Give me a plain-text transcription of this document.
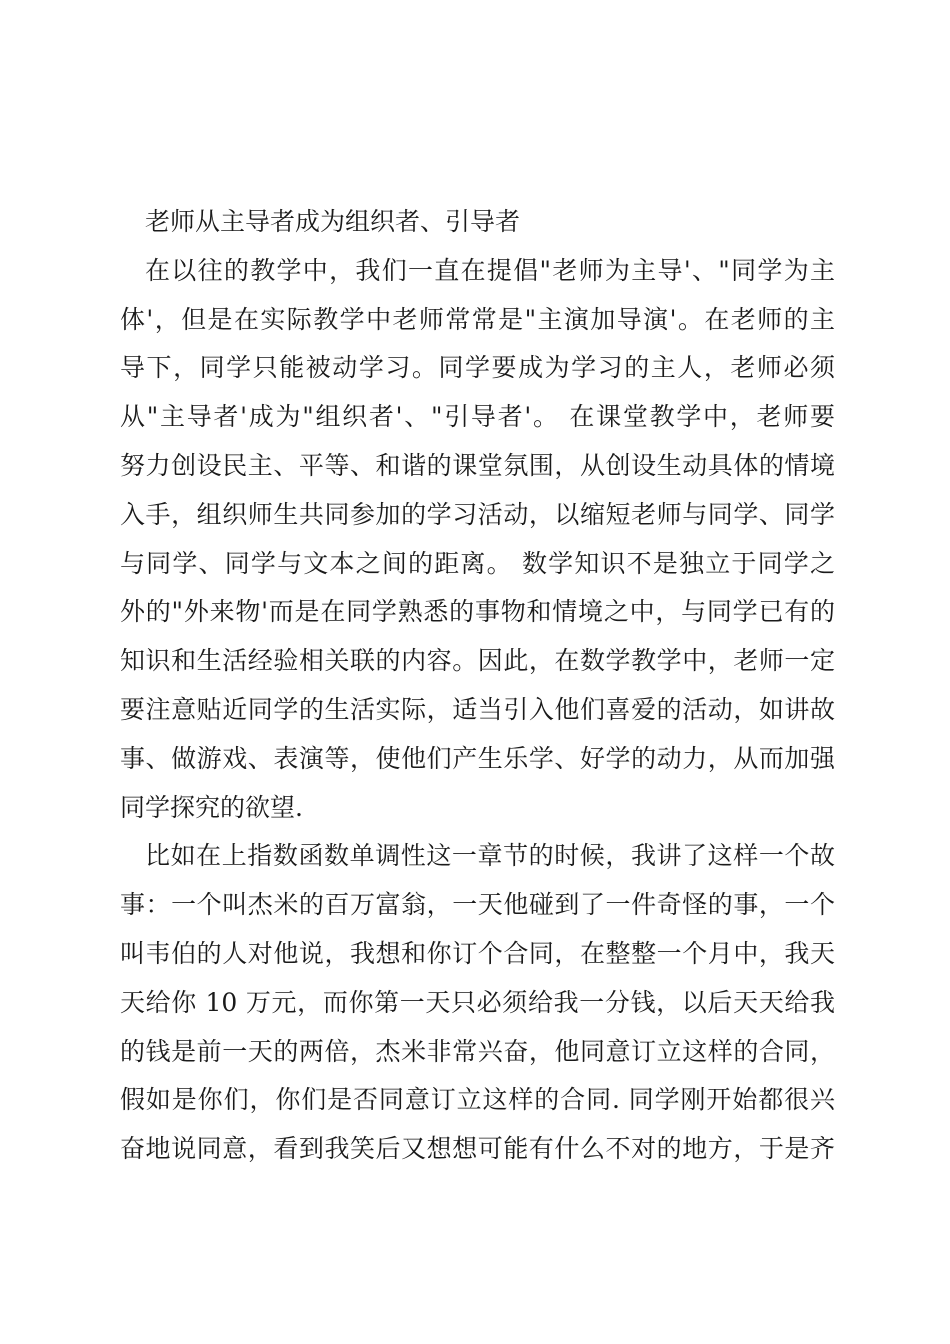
老师从主导者成为组织者、引导者
在以往的教学中，我们一直在提倡"老师为主导'、"同学为主
体'，但是在实际教学中老师常常是"主演加导演'。在老师的主
导下，同学只能被动学习。同学要成为学习的主人，老师必须
从"主导者'成为"组织者'、"引导者'。 在课堂教学中，老师要
努力创设民主、平等、和谐的课堂氛围，从创设生动具体的情境
入手，组织师生共同参加的学习活动，以缩短老师与同学、同学
与同学、同学与文本之间的距离。 数学知识不是独立于同学之
外的"外来物'而是在同学熟悉的事物和情境之中，与同学已有的
知识和生活经验相关联的内容。因此，在数学教学中，老师一定
要注意贴近同学的生活实际，适当引入他们喜爱的活动，如讲故
事、做游戏、表演等，使他们产生乐学、好学的动力，从而加强
同学探究的欲望.
比如在上指数函数单调性这一章节的时候，我讲了这样一个故
事：一个叫杰米的百万富翁，一天他碰到了一件奇怪的事，一个
叫韦伯的人对他说，我想和你订个合同，在整整一个月中，我天
天给你 10 万元，而你第一天只必须给我一分钱，以后天天给我
的钱是前一天的两倍，杰米非常兴奋，他同意订立这样的合同，
假如是你们，你们是否同意订立这样的合同. 同学刚开始都很兴
奋地说同意，看到我笑后又想想可能有什么不对的地方，于是齐
